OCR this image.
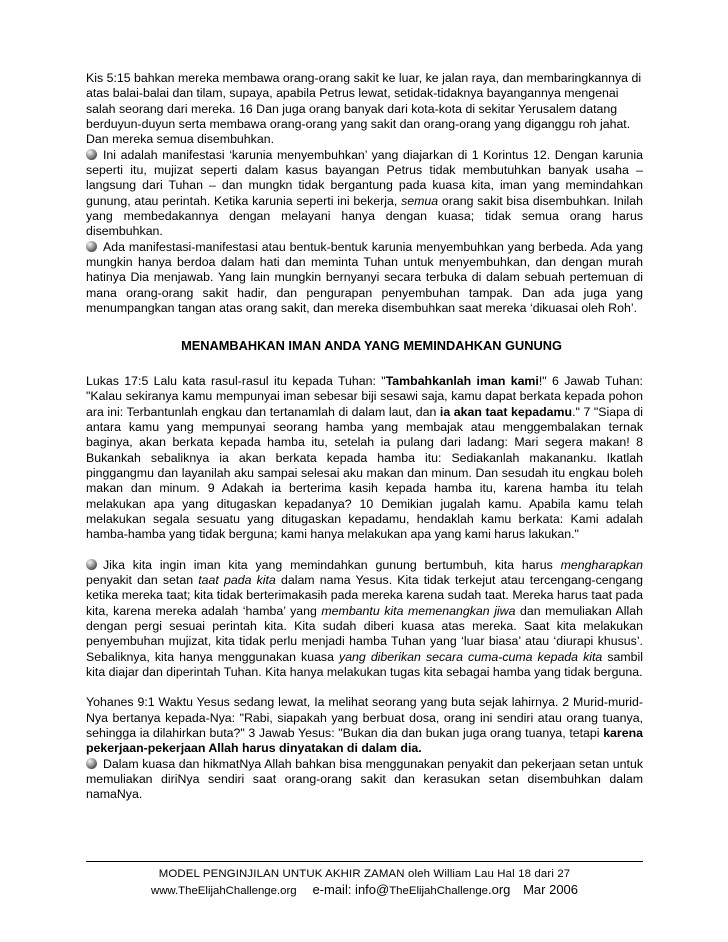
Kis 5:15 bahkan mereka membawa orang-orang sakit ke luar, ke jalan raya, dan membaringkannya di atas balai-balai dan tilam, supaya, apabila Petrus lewat, setidak-tidaknya bayangannya mengenai salah seorang dari mereka. 16 Dan juga orang banyak dari kota-kota di sekitar Yerusalem datang berduyun-duyun serta membawa orang-orang yang sakit dan orang-orang yang diganggu roh jahat. Dan mereka semua disembuhkan.

Ini adalah manifestasi ‘karunia menyembuhkan’ yang diajarkan di 1 Korintus 12. Dengan karunia seperti itu, mujizat seperti dalam kasus bayangan Petrus tidak membutuhkan banyak usaha – langsung dari Tuhan – dan mungkn tidak bergantung pada kuasa kita, iman yang memindahkan gunung, atau perintah. Ketika karunia seperti ini bekerja, semua orang sakit bisa disembuhkan. Inilah yang membedakannya dengan melayani hanya dengan kuasa; tidak semua orang harus disembuhkan.

Ada manifestasi-manifestasi atau bentuk-bentuk karunia menyembuhkan yang berbeda. Ada yang mungkin hanya berdoa dalam hati dan meminta Tuhan untuk menyembuhkan, dan dengan murah hatinya Dia menjawab. Yang lain mungkin bernyanyi secara terbuka di dalam sebuah pertemuan di mana orang-orang sakit hadir, dan pengurapan penyembuhan tampak. Dan ada juga yang menumpangkan tangan atas orang sakit, dan mereka disembuhkan saat mereka ‘dikuasai oleh Roh’.

MENAMBAHKAN IMAN ANDA YANG MEMINDAHKAN GUNUNG

Lukas 17:5 Lalu kata rasul-rasul itu kepada Tuhan: "Tambahkanlah iman kami!" 6 Jawab Tuhan: "Kalau sekiranya kamu mempunyai iman sebesar biji sesawi saja, kamu dapat berkata kepada pohon ara ini: Terbantunlah engkau dan tertanamlah di dalam laut, dan ia akan taat kepadamu." 7 "Siapa di antara kamu yang mempunyai seorang hamba yang membajak atau menggembalakan ternak baginya, akan berkata kepada hamba itu, setelah ia pulang dari ladang: Mari segera makan! 8 Bukankah sebaliknya ia akan berkata kepada hamba itu: Sediakanlah makananku. Ikatlah pinggangmu dan layanilah aku sampai selesai aku makan dan minum. Dan sesudah itu engkau boleh makan dan minum. 9 Adakah ia berterima kasih kepada hamba itu, karena hamba itu telah melakukan apa yang ditugaskan kepadanya? 10 Demikian jugalah kamu. Apabila kamu telah melakukan segala sesuatu yang ditugaskan kepadamu, hendaklah kamu berkata: Kami adalah hamba-hamba yang tidak berguna; kami hanya melakukan apa yang kami harus lakukan."

Jika kita ingin iman kita yang memindahkan gunung bertumbuh, kita harus mengharapkan penyakit dan setan taat pada kita dalam nama Yesus. Kita tidak terkejut atau tercengang-cengang ketika mereka taat; kita tidak berterimakasih pada mereka karena sudah taat. Mereka harus taat pada kita, karena mereka adalah ‘hamba’ yang membantu kita memenangkan jiwa dan memuliakan Allah dengan pergi sesuai perintah kita. Kita sudah diberi kuasa atas mereka. Saat kita melakukan penyembuhan mujizat, kita tidak perlu menjadi hamba Tuhan yang ‘luar biasa’ atau ‘diurapi khusus’. Sebaliknya, kita hanya menggunakan kuasa yang diberikan secara cuma-cuma kepada kita sambil kita diajar dan diperintah Tuhan. Kita hanya melakukan tugas kita sebagai hamba yang tidak berguna.

Yohanes 9:1 Waktu Yesus sedang lewat, Ia melihat seorang yang buta sejak lahirnya. 2 Murid-murid-Nya bertanya kepada-Nya: "Rabi, siapakah yang berbuat dosa, orang ini sendiri atau orang tuanya, sehingga ia dilahirkan buta?" 3 Jawab Yesus: "Bukan dia dan bukan juga orang tuanya, tetapi karena pekerjaan-pekerjaan Allah harus dinyatakan di dalam dia.

Dalam kuasa dan hikmatNya Allah bahkan bisa menggunakan penyakit dan pekerjaan setan untuk memuliakan diriNya sendiri saat orang-orang sakit dan kerasukan setan disembuhkan dalam namaNya.

MODEL PENGINJILAN UNTUK AKHIR ZAMAN oleh William Lau Hal 18 dari 27
www.TheElijahChallenge.org e-mail: info@TheElijahChallenge.org Mar 2006
